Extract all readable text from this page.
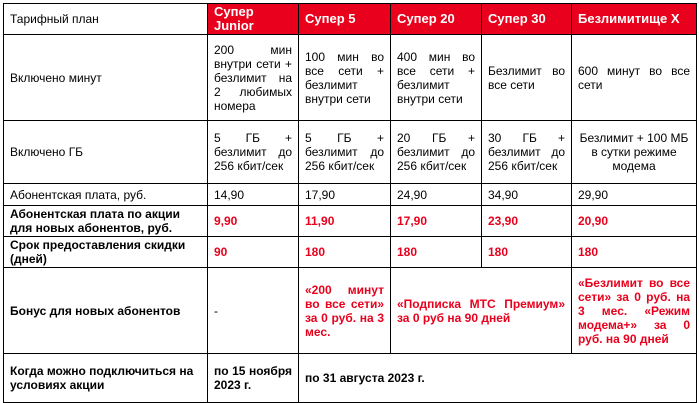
Тарифный план	Супер Junior	Супер 5	Супер 20	Супер 30	Безлимитище X
Включено минут	200 мин внутри сети + безлимит на 2 любимых номера	100 мин во все сети + безлимит внутри сети	400 мин во все сети + безлимит внутри сети	Безлимит во все сети	600 минут во все сети
Включено ГБ	5 ГБ + безлимит до 256 кбит/сек	5 ГБ + безлимит до 256 кбит/сек	20 ГБ + безлимит до 256 кбит/сек	30 ГБ + безлимит до 256 кбит/сек	Безлимит + 100 МБ в сутки режиме модема
Абонентская плата, руб.	14,90	17,90	24,90	34,90	29,90
Абонентская плата по акции для новых абонентов, руб.	9,90	11,90	17,90	23,90	20,90
Срок предоставления скидки (дней)	90	180	180	180	180
Бонус для новых абонентов	-	«200 минут во все сети» за 0 руб. на 3 мес.	«Подписка МТС Премиум» за 0 руб на 90 дней		«Безлимит во все сети» за 0 руб. на 3 мес. «Режим модема+» за 0 руб. на 90 дней
Когда можно подключиться на условиях акции	по 15 ноября 2023 г.	по 31 августа 2023 г.			
